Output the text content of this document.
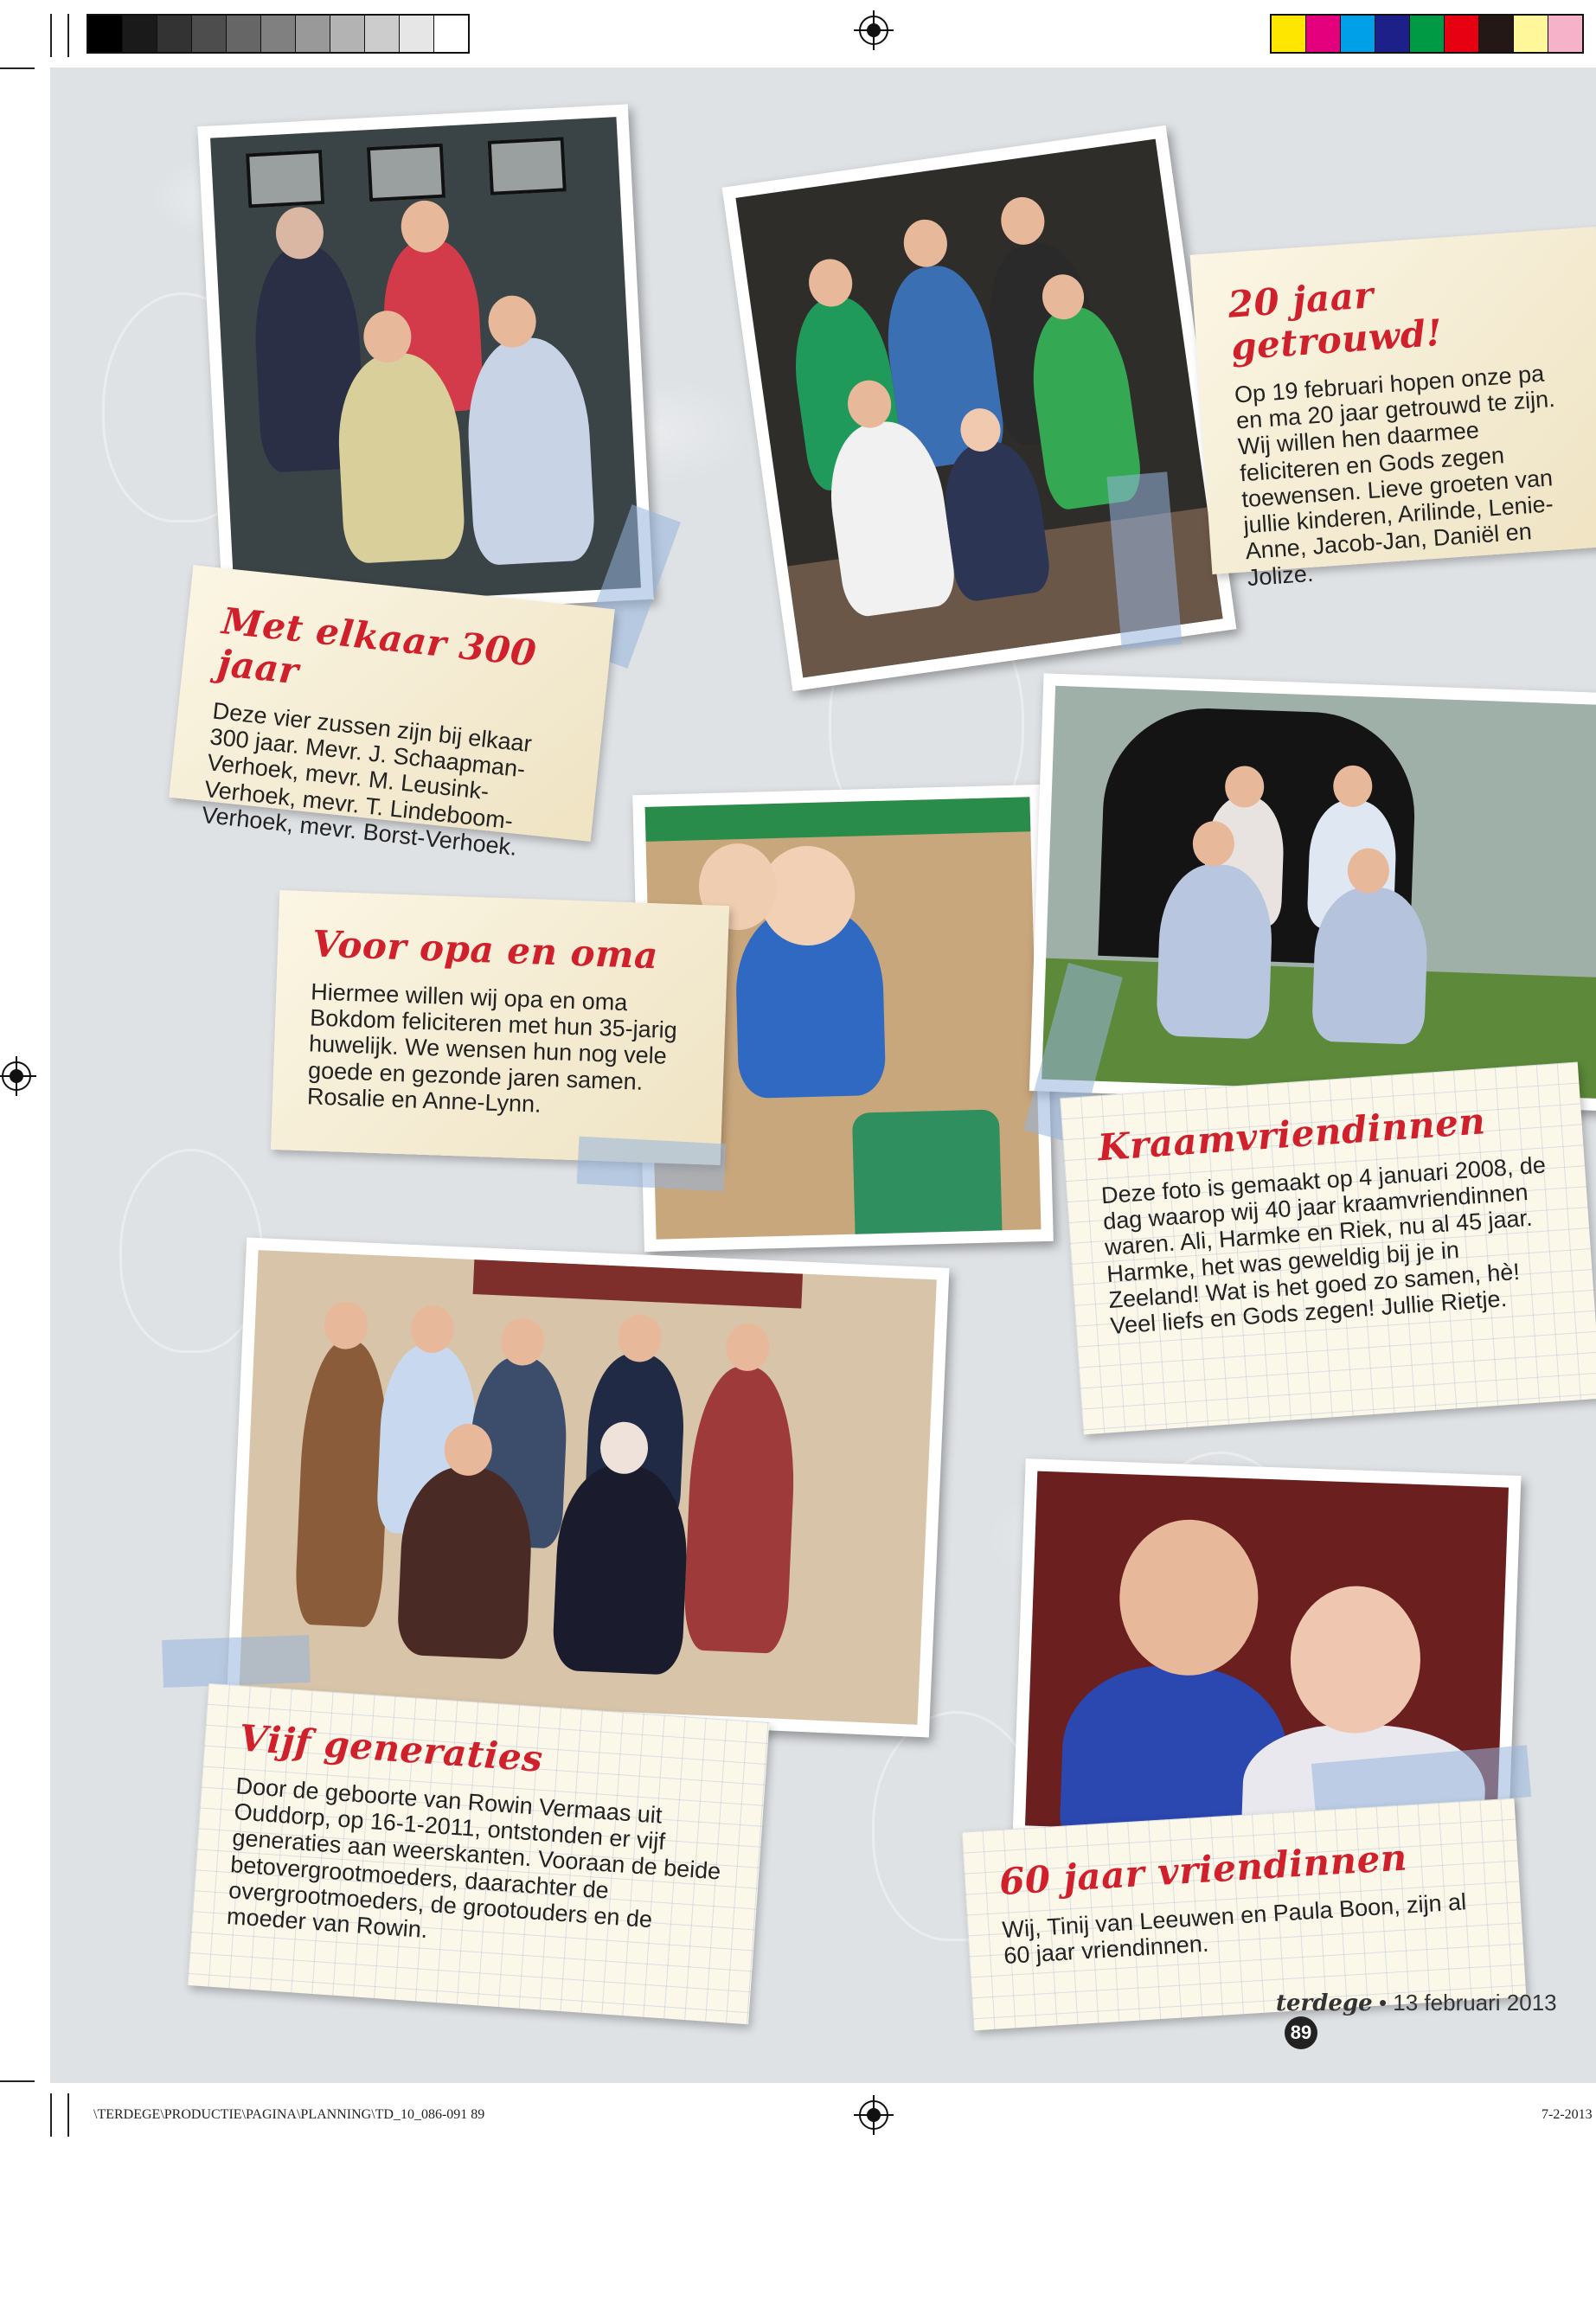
Met elkaar 300 jaar

Deze vier zussen zijn bij elkaar 300 jaar. Mevr. J. Schaapman-Verhoek, mevr. M. Leusink-Verhoek, mevr. T. Lindeboom-Verhoek, mevr. Borst-Verhoek.

20 jaar getrouwd!

Op 19 februari hopen onze pa en ma 20 jaar getrouwd te zijn. Wij willen hen daarmee feliciteren en Gods zegen toewensen. Lieve groeten van jullie kinderen, Arilinde, Lenie-Anne, Jacob-Jan, Daniël en Jolize.

Voor opa en oma

Hiermee willen wij opa en oma Bokdom feliciteren met hun 35-jarig huwelijk. We wensen hun nog vele goede en gezonde jaren samen. Rosalie en Anne-Lynn.	Kraamvriendinnen

Deze foto is gemaakt op 4 januari 2008, de dag waarop wij 40 jaar kraamvriendinnen waren. Ali, Harmke en Riek, nu al 45 jaar. Harmke, het was geweldig bij je in Zeeland! Wat is het goed zo samen, hè! Veel liefs en Gods zegen! Jullie Rietje.

Vijf generaties

Door de geboorte van Rowin Vermaas uit Ouddorp, op 16-1-2011, ontstonden er vijf generaties aan weerskanten. Vooraan de beide betovergrootmoeders, daarachter de overgrootmoeders, de grootouders en de moeder van Rowin.

60 jaar vriendinnen

Wij, Tinij van Leeuwen en Paula Boon, zijn al 60 jaar vriendinnen.

terdege • 13 februari 2013 89
\TERDEGE\PRODUCTIE\PAGINA\PLANNING\TD_10_086-091 89	7-2-2013
